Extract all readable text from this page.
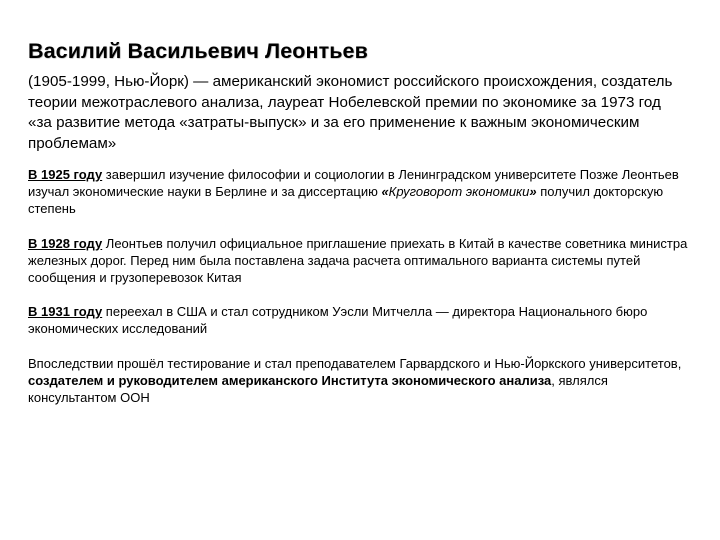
Василий Васильевич Леонтьев
(1905-1999, Нью-Йорк) — американский экономист российского происхождения, создатель теории межотраслевого анализа, лауреат Нобелевской премии по экономике за 1973 год «за развитие метода «затраты-выпуск» и за его применение к важным экономическим проблемам»
В 1925 году завершил изучение философии и социологии в Ленинградском университете Позже Леонтьев изучал экономические науки в Берлине и за диссертацию «Круговорот экономики» получил докторскую степень
В 1928 году Леонтьев получил официальное приглашение приехать в Китай в качестве советника министра железных дорог. Перед ним была поставлена задача расчета оптимального варианта системы путей сообщения и грузоперевозок Китая
В 1931 году переехал в США и стал сотрудником Уэсли Митчелла — директора Национального бюро экономических исследований
Впоследствии прошёл тестирование и стал преподавателем Гарвардского и Нью-Йоркского университетов, создателем и руководителем американского Института экономического анализа, являлся консультантом ООН
